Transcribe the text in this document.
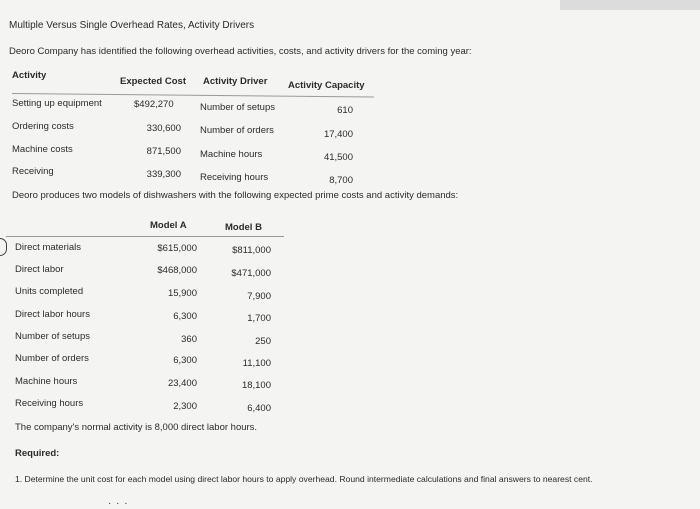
Multiple Versus Single Overhead Rates, Activity Drivers
Deoro Company has identified the following overhead activities, costs, and activity drivers for the coming year:
Activity
Expected Cost Activity Driver Activity Capacity
Setting up equipment	$492,270	Number of setups	610
Ordering costs	330,600 Number of orders	17,400
Machine costs	871,500 Machine hours	41,500
Receiving	339,300 Receiving hours	8,700
Deoro produces two models of dishwashers with the following expected prime costs and activity demands:
Model A	Model B
Direct materials	$615,000	$811,000
Direct labor	$468,000	$471,000
Units completed	15,900	7,900
Direct labor hours	6,300	1,700
Number of setups	360	250
Number of orders	6,300	11,100
Machine hours	23,400	18,100
Receiving hours	2,300	6,400
The company's normal activity is 8,000 direct labor hours.
Required:
1. Determine the unit cost for each model using direct labor hours to apply overhead. Round intermediate calculations and final answers to nearest cent.
· · ·
